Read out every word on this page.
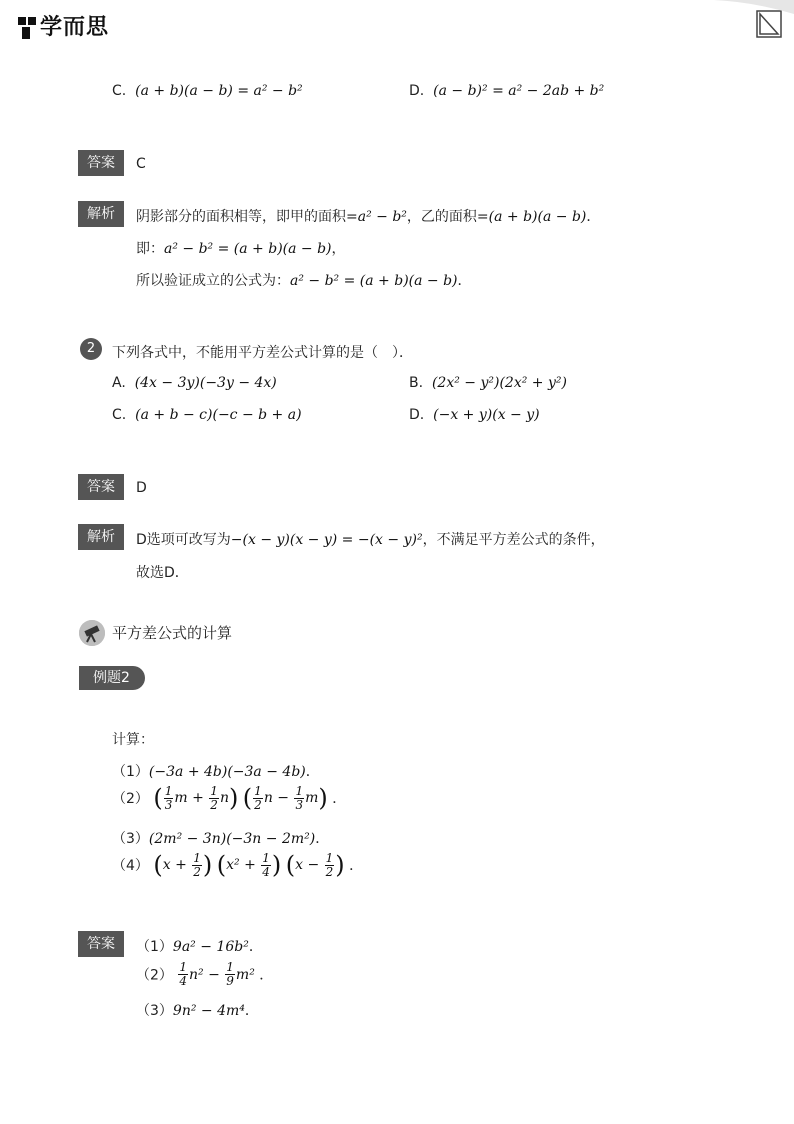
学而思
C. (a + b)(a − b) = a² − b²	D. (a − b)² = a² − 2ab + b²
答案	C
解析	阴影部分的面积相等，即甲的面积=a² − b²，乙的面积=(a + b)(a − b)．
即：a² − b² = (a + b)(a − b)，
所以验证成立的公式为：a² − b² = (a + b)(a − b)．
2	下列各式中，不能用平方差公式计算的是（　）．
A. (4x − 3y)(−3y − 4x)	B. (2x² − y²)(2x² + y²)
C. (a + b − c)(−c − b + a)	D. (−x + y)(x − y)
答案	D
解析	D选项可改写为−(x − y)(x − y) = −(x − y)²，不满足平方差公式的条件，
故选D．
平方差公式的计算
例题2
计算：
（1）(−3a + 4b)(−3a − 4b)．
（2） ( $\frac{1}{3}$ $m + \frac{1}{2} n$) ( $\frac{1}{2}$ $n - \frac{1}{3} m$) ．
（3）(2m² − 3n)(−3n − 2m²)．
（4） ($x + \frac{1}{2}$ ) ($x^2 + \frac{1}{4}$ ) ($x - \frac{1}{2}$ ) ．
答案	（1）9a² − 16b²．
$(2) \frac{1}{4} n^2 - \frac{1}{9} m^2$ ．
（3）9n² − 4m⁴．
